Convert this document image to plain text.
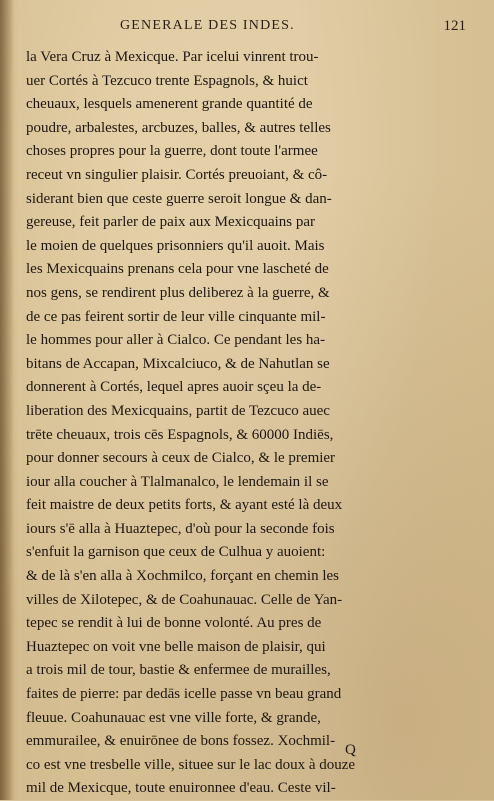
GENERALE DES INDES.	121
la Vera Cruz à Mexicque. Par icelui vinrent trou-
uer Cortés à Tezcuco trente Espagnols, & huict
cheuaux, lesquels amenerent grande quantité de
poudre, arbalestes, arcbuzes, balles, & autres telles
choses propres pour la guerre, dont toute l'armee
receut vn singulier plaisir. Cortés preuoiant, & cô-
siderant bien que ceste guerre seroit longue & dan-
gereuse, feit parler de paix aux Mexicquains par
le moien de quelques prisonniers qu'il auoit. Mais
les Mexicquains prenans cela pour vne lascheté de
nos gens, se rendirent plus deliberez à la guerre, &
de ce pas feirent sortir de leur ville cinquante mil-
le hommes pour aller à Cialco. Ce pendant les ha-
bitans de Accapan, Mixcalciuco, & de Nahutlan se
donnerent à Cortés, lequel apres auoir sçeu la de-
liberation des Mexicquains, partit de Tezcuco auec
trēte cheuaux, trois cēs Espagnols, & 60000 Indiēs,
pour donner secours à ceux de Cialco, & le premier
iour alla coucher à Tlalmanalco, le lendemain il se
feit maistre de deux petits forts, & ayant esté là deux
iours s'ē alla à Huaztepec, d'où pour la seconde fois
s'enfuit la garnison que ceux de Culhua y auoient:
& de là s'en alla à Xochmilco, forçant en chemin les
villes de Xilotepec, & de Coahunauac. Celle de Yan-
tepec se rendit à lui de bonne volonté. Au pres de
Huaztepec on voit vne belle maison de plaisir, qui
a trois mil de tour, bastie & enfermee de murailles,
faites de pierre: par dedās icelle passe vn beau grand
fleuue. Coahunauac est vne ville forte, & grande,
emmurailee, & enuirōnee de bons fossez. Xochmil-
co est vne tresbelle ville, situee sur le lac doux à douze
mil de Mexicque, toute enuironnee d'eau. Ceste vil-
Q
